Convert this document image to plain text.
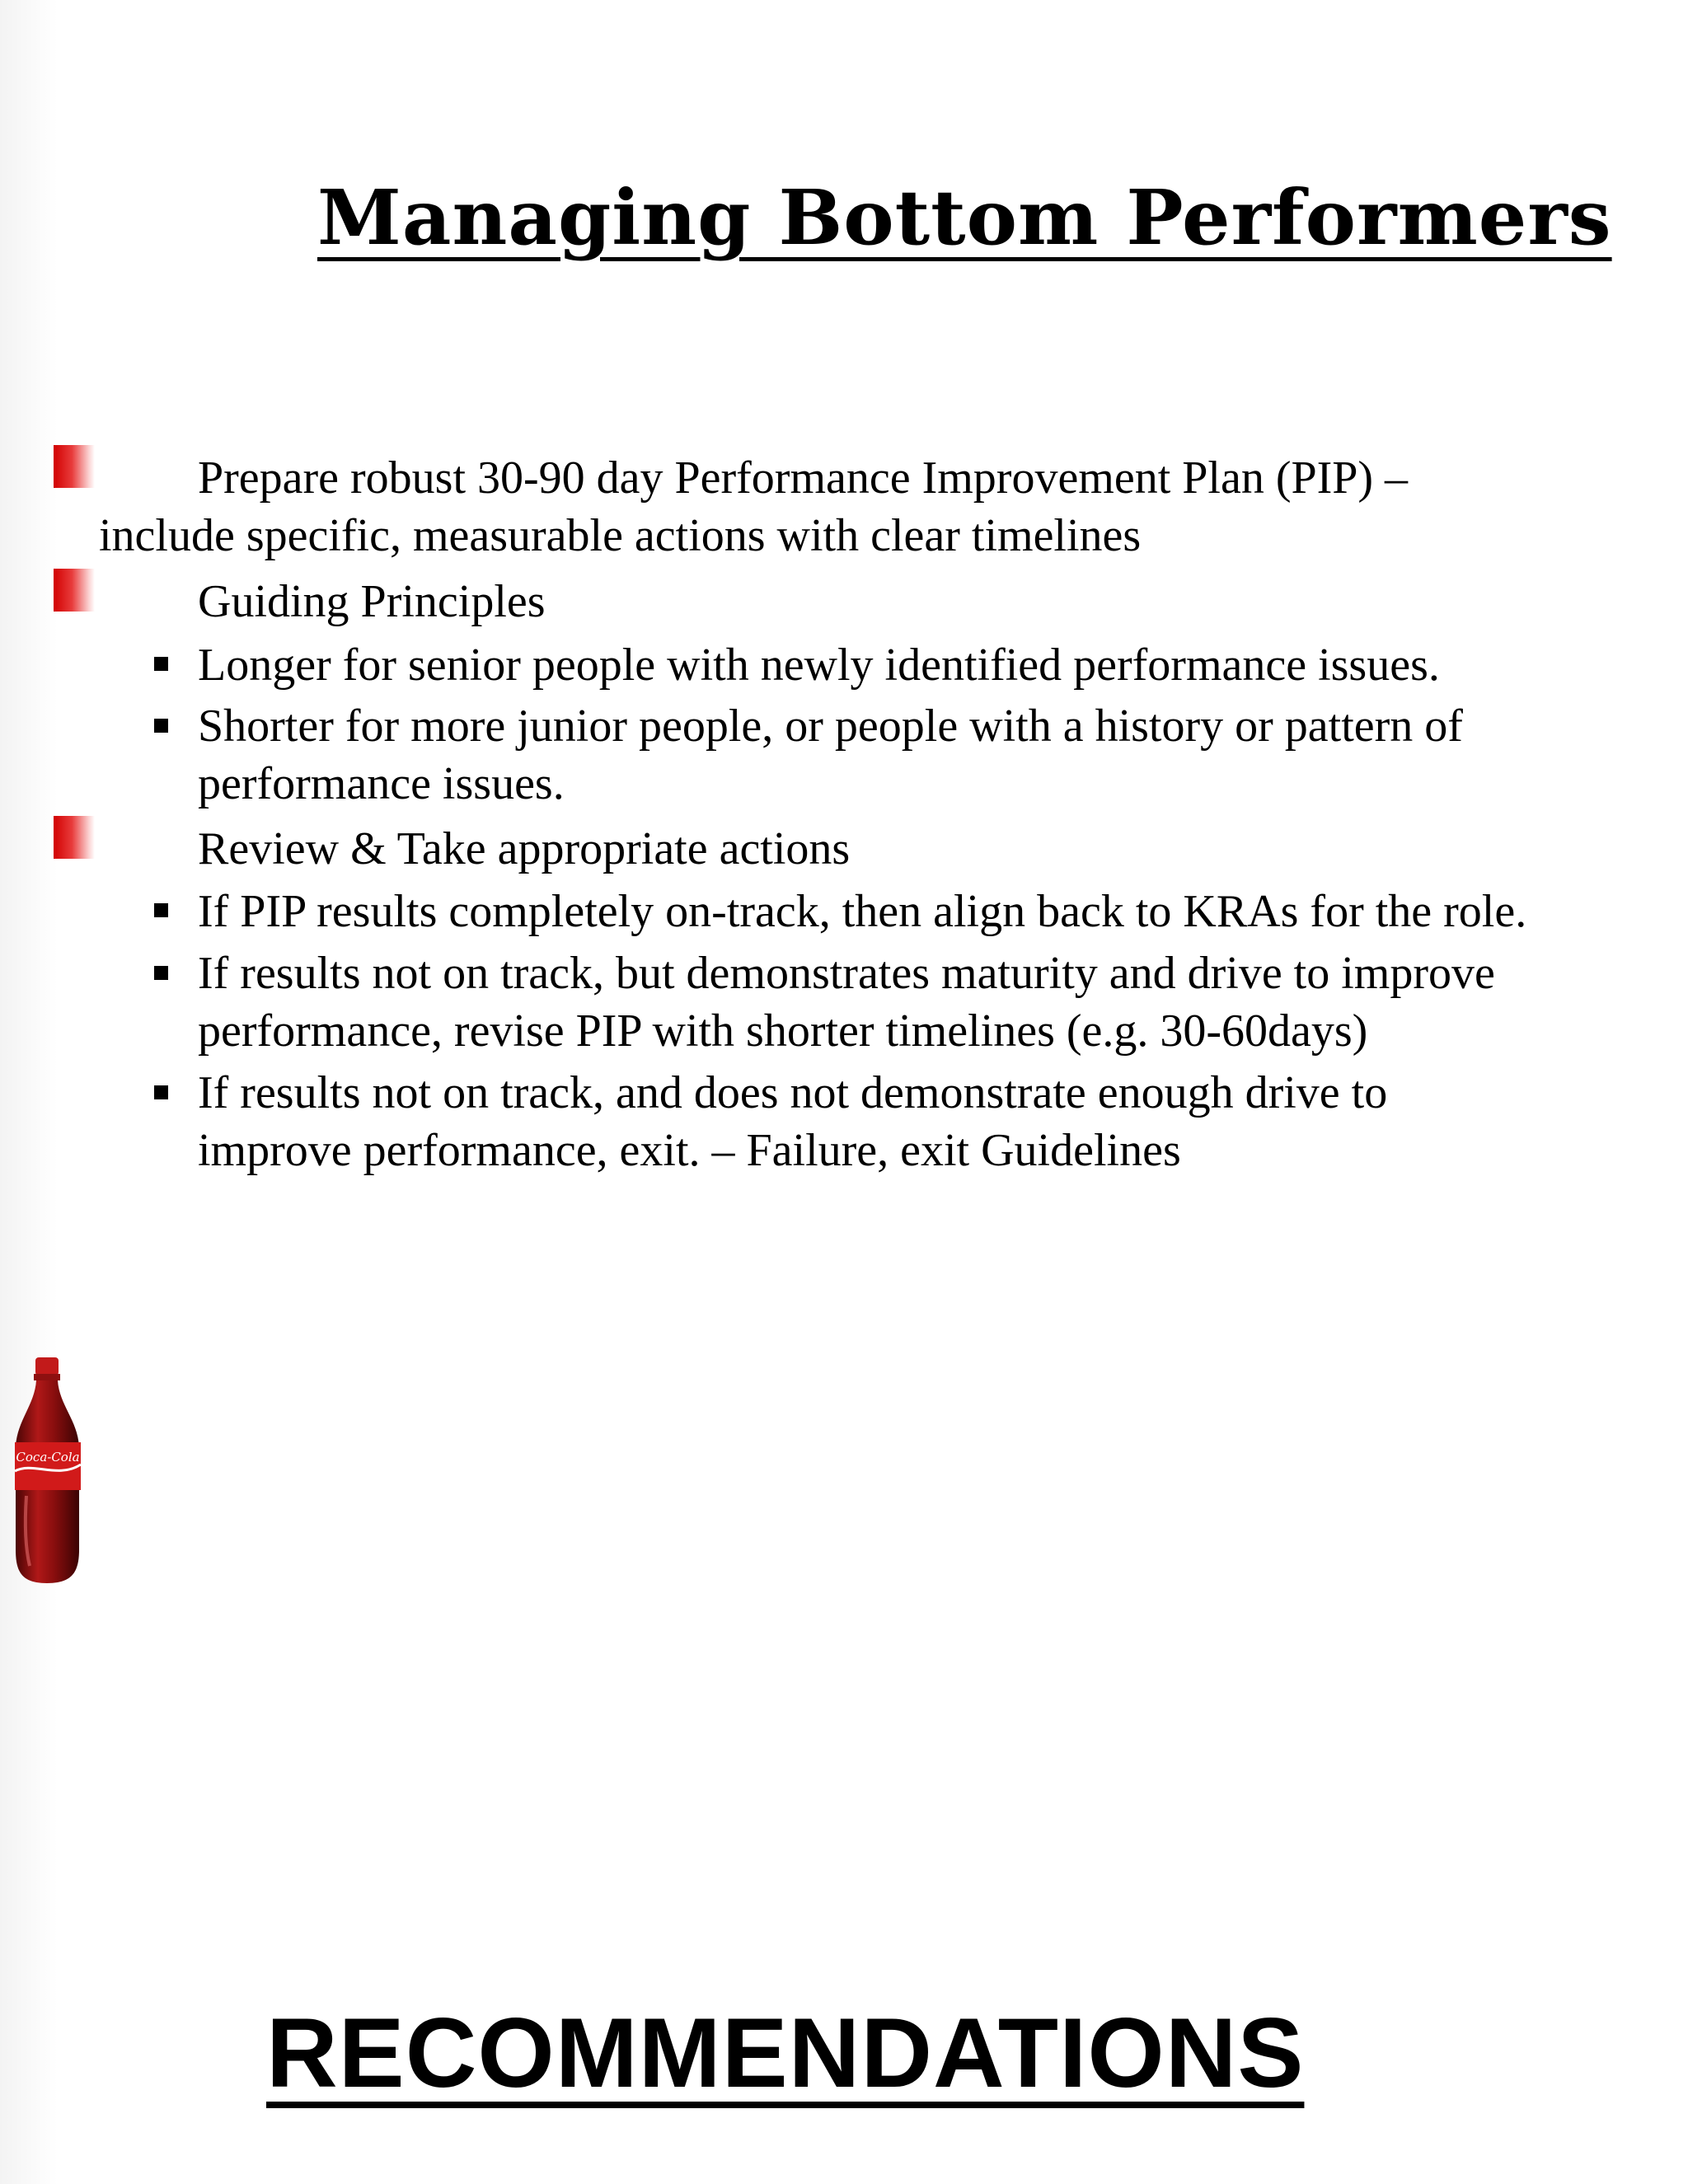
Managing Bottom Performers
Prepare robust 30-90 day Performance Improvement Plan (PIP) –
include specific, measurable actions with clear timelines
Guiding Principles
Longer for senior people with newly identified performance issues.
Shorter for more junior people, or people with a history or pattern of
performance issues.
Review & Take appropriate actions
If PIP results completely on-track, then align back to KRAs for the role.
If results not on track, but demonstrates maturity and drive to improve
performance, revise PIP with shorter timelines (e.g. 30-60days)
If results not on track, and does not demonstrate enough drive to
improve performance, exit. – Failure, exit Guidelines
Coca-Cola
RECOMMENDATIONS
